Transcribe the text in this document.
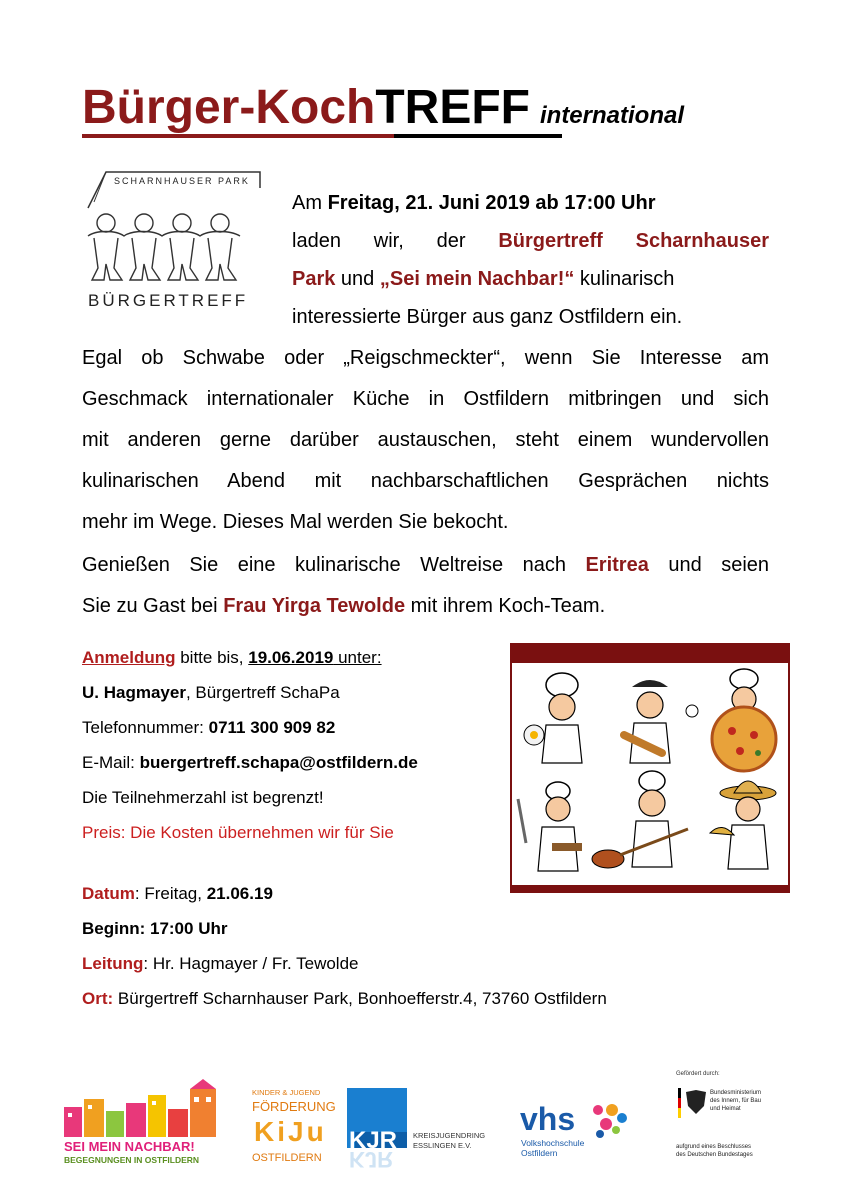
Bürger-KochTREFF international
SCHARNHAUSER PARK
BÜRGERTREFF
Am Freitag, 21. Juni 2019 ab 17:00 Uhr
laden wir, der Bürgertreff Scharnhauser
Park und „Sei mein Nachbar!“ kulinarisch
interessierte Bürger aus ganz Ostfildern ein.
Egal ob Schwabe oder „Reigschmeckter“, wenn Sie Interesse am
Geschmack internationaler Küche in Ostfildern mitbringen und sich
mit anderen gerne darüber austauschen, steht einem wundervollen
kulinarischen Abend mit nachbarschaftlichen Gesprächen nichts
mehr im Wege. Dieses Mal werden Sie bekocht.
Genießen Sie eine kulinarische Weltreise nach Eritrea und seien
Sie zu Gast bei Frau Yirga Tewolde mit ihrem Koch-Team.
Anmeldung bitte bis, 19.06.2019 unter:
U. Hagmayer, Bürgertreff SchaPa
Telefonnummer: 0711 300 909 82
E-Mail: buergertreff.schapa@ostfildern.de
Die Teilnehmerzahl ist begrenzt!
Preis: Die Kosten übernehmen wir für Sie
Datum: Freitag, 21.06.19
Beginn: 17:00 Uhr
Leitung: Hr. Hagmayer / Fr. Tewolde
Ort: Bürgertreff Scharnhauser Park, Bonhoefferstr.4, 73760 Ostfildern
SEI MEIN NACHBAR!
BEGEGNUNGEN IN OSTFILDERN
KINDER & JUGEND
FÖRDERUNG
KiJu
OSTFILDERN
KJR
KJR
KREISJUGENDRING
ESSLINGEN E.V.
vhs
Volkshochschule
Ostfildern
Gefördert durch:
Bundesministerium
des Innern, für Bau
und Heimat
aufgrund eines Beschlusses
des Deutschen Bundestages
